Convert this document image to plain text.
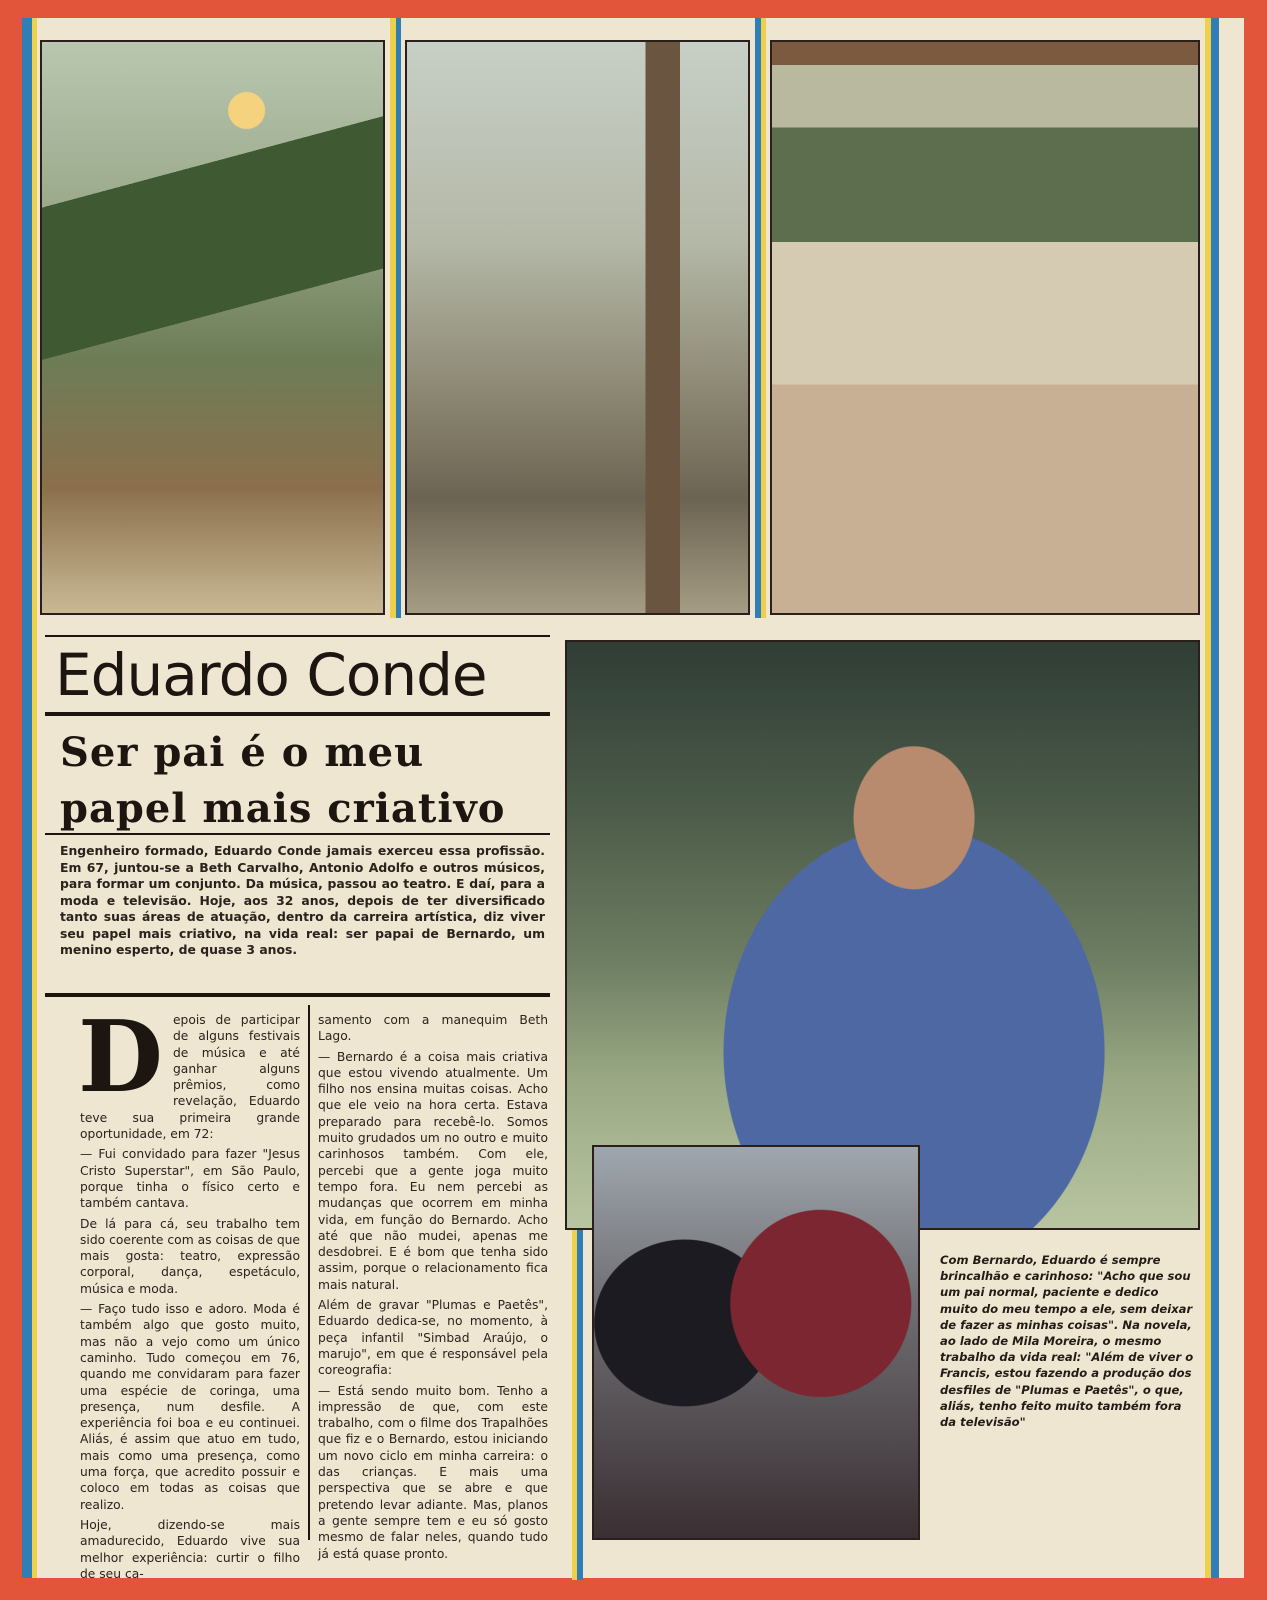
Eduardo Conde
Ser pai é o meu
papel mais criativo
Engenheiro formado, Eduardo Conde jamais exerceu essa profissão. Em 67, juntou-se a Beth Carvalho, Antonio Adolfo e outros músicos, para formar um conjunto. Da música, passou ao teatro. E daí, para a moda e televisão. Hoje, aos 32 anos, depois de ter diversificado tanto suas áreas de atuação, dentro da carreira artística, diz viver seu papel mais criativo, na vida real: ser papai de Bernardo, um menino esperto, de quase 3 anos.

Depois de participar de alguns festivais de música e até ganhar alguns prêmios, como revelação, Eduardo teve sua primeira grande oportunidade, em 72:

— Fui convidado para fazer "Jesus Cristo Superstar", em São Paulo, porque tinha o físico certo e também cantava.

De lá para cá, seu trabalho tem sido coerente com as coisas de que mais gosta: teatro, expressão corporal, dança, espetáculo, música e moda.

— Faço tudo isso e adoro. Moda é também algo que gosto muito, mas não a vejo como um único caminho. Tudo começou em 76, quando me convidaram para fazer uma espécie de coringa, uma presença, num desfile. A experiência foi boa e eu continuei. Aliás, é assim que atuo em tudo, mais como uma presença, como uma força, que acredito possuir e coloco em todas as coisas que realizo.

Hoje, dizendo-se mais amadurecido, Eduardo vive sua melhor experiência: curtir o filho de seu ca-

samento com a manequim Beth Lago.

— Bernardo é a coisa mais criativa que estou vivendo atualmente. Um filho nos ensina muitas coisas. Acho que ele veio na hora certa. Estava preparado para recebê-lo. Somos muito grudados um no outro e muito carinhosos também. Com ele, percebi que a gente joga muito tempo fora. Eu nem percebi as mudanças que ocorrem em minha vida, em função do Bernardo. Acho até que não mudei, apenas me desdobrei. E é bom que tenha sido assim, porque o relacionamento fica mais natural.

Além de gravar "Plumas e Paetês", Eduardo dedica-se, no momento, à peça infantil "Simbad Araújo, o marujo", em que é responsável pela coreografia:

— Está sendo muito bom. Tenho a impressão de que, com este trabalho, com o filme dos Trapalhões que fiz e o Bernardo, estou iniciando um novo ciclo em minha carreira: o das crianças. E mais uma perspectiva que se abre e que pretendo levar adiante. Mas, planos a gente sempre tem e eu só gosto mesmo de falar neles, quando tudo já está quase pronto.

Com Bernardo, Eduardo é sempre brincalhão e carinhoso: "Acho que sou um pai normal, paciente e dedico muito do meu tempo a ele, sem deixar de fazer as minhas coisas". Na novela, ao lado de Mila Moreira, o mesmo trabalho da vida real: "Além de viver o Francis, estou fazendo a produção dos desfiles de "Plumas e Paetês", o que, aliás, tenho feito muito também fora da televisão"
